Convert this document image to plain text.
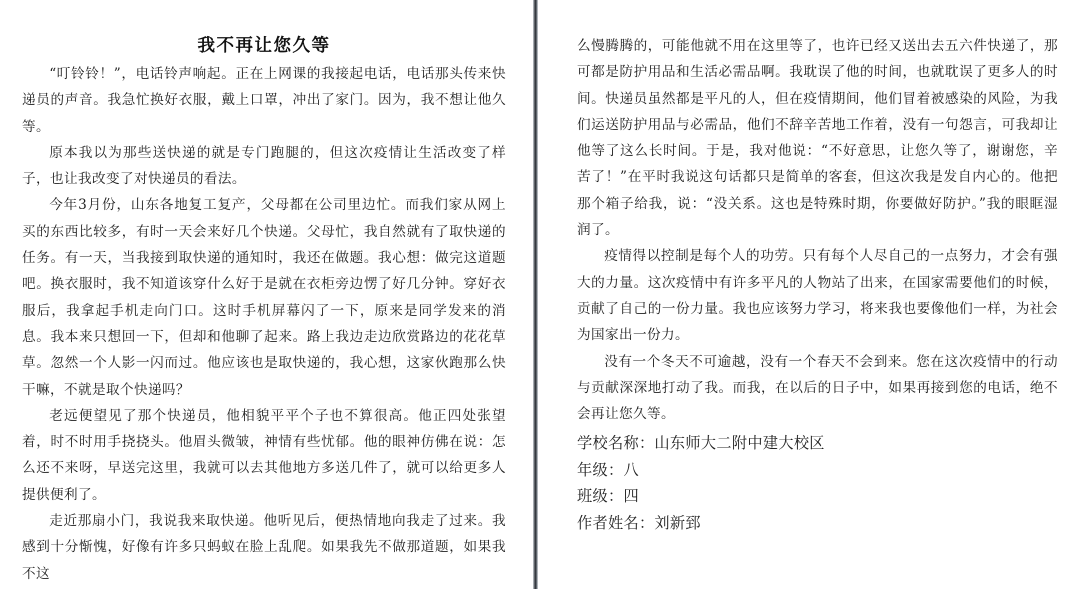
我不再让您久等

“叮铃铃！”，电话铃声响起。正在上网课的我接起电话，电话那头传来快递员的声音。我急忙换好衣服，戴上口罩，冲出了家门。因为，我不想让他久等。

原本我以为那些送快递的就是专门跑腿的，但这次疫情让生活改变了样子，也让我改变了对快递员的看法。

今年3月份，山东各地复工复产，父母都在公司里边忙。而我们家从网上买的东西比较多，有时一天会来好几个快递。父母忙，我自然就有了取快递的任务。有一天，当我接到取快递的通知时，我还在做题。我心想：做完这道题吧。换衣服时，我不知道该穿什么好于是就在衣柜旁边愣了好几分钟。穿好衣服后，我拿起手机走向门口。这时手机屏幕闪了一下，原来是同学发来的消息。我本来只想回一下，但却和他聊了起来。路上我边走边欣赏路边的花花草草。忽然一个人影一闪而过。他应该也是取快递的，我心想，这家伙跑那么快干嘛，不就是取个快递吗？

老远便望见了那个快递员，他相貌平平个子也不算很高。他正四处张望着，时不时用手挠挠头。他眉头微皱，神情有些忧郁。他的眼神仿佛在说：怎么还不来呀，早送完这里，我就可以去其他地方多送几件了，就可以给更多人提供便利了。

走近那扇小门，我说我来取快递。他听见后，便热情地向我走了过来。我感到十分惭愧，好像有许多只蚂蚁在脸上乱爬。如果我先不做那道题，如果我不这

么慢腾腾的，可能他就不用在这里等了，也许已经又送出去五六件快递了，那可都是防护用品和生活必需品啊。我耽误了他的时间，也就耽误了更多人的时间。快递员虽然都是平凡的人，但在疫情期间，他们冒着被感染的风险，为我们运送防护用品与必需品，他们不辞辛苦地工作着，没有一句怨言，可我却让他等了这么长时间。于是，我对他说：“不好意思，让您久等了，谢谢您，辛苦了！”在平时我说这句话都只是简单的客套，但这次我是发自内心的。他把那个箱子给我，说：“没关系。这也是特殊时期，你要做好防护。”我的眼眶湿润了。

疫情得以控制是每个人的功劳。只有每个人尽自己的一点努力，才会有强大的力量。这次疫情中有许多平凡的人物站了出来，在国家需要他们的时候，贡献了自己的一份力量。我也应该努力学习，将来我也要像他们一样，为社会为国家出一份力。

没有一个冬天不可逾越，没有一个春天不会到来。您在这次疫情中的行动与贡献深深地打动了我。而我，在以后的日子中，如果再接到您的电话，绝不会再让您久等。

学校名称：山东师大二附中建大校区
年级：八
班级：四
作者姓名：刘新郅
